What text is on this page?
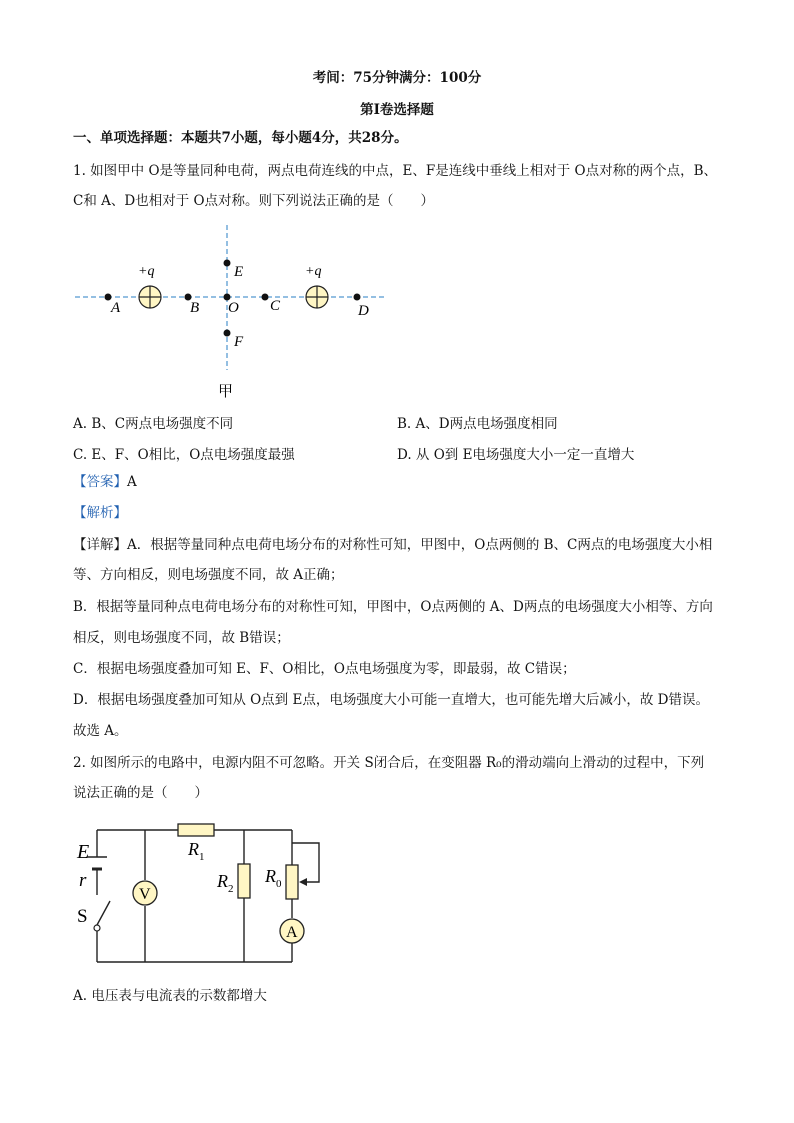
考间：75分钟满分：100分
第Ⅰ卷选择题
一、单项选择题：本题共7小题，每小题4分，共28分。
1. 如图甲中 O是等量同种电荷，两点电荷连线的中点，E、F是连线中垂线上相对于 O点对称的两个点，B、
C和 A、D也相对于 O点对称。则下列说法正确的是（　　）
+q	+q
A	B O C	D
E
F
甲
A. B、C两点电场强度不同	B. A、D两点电场强度相同
C. E、F、O相比，O点电场强度最强	D. 从 O到 E电场强度大小一定一直增大
【答案】A
【解析】
【详解】A．根据等量同种点电荷电场分布的对称性可知，甲图中，O点两侧的 B、C两点的电场强度大小相
等、方向相反，则电场强度不同，故 A正确；
B．根据等量同种点电荷电场分布的对称性可知，甲图中，O点两侧的 A、D两点的电场强度大小相等、方向
相反，则电场强度不同，故 B错误；
C．根据电场强度叠加可知 E、F、O相比，O点电场强度为零，即最弱，故 C错误；
D．根据电场强度叠加可知从 O点到 E点，电场强度大小可能一直增大，也可能先增大后减小，故 D错误。
故选 A。
2. 如图所示的电路中，电源内阻不可忽略。开关 S闭合后，在变阻器 R₀的滑动端向上滑动的过程中，下列
说法正确的是（　　）
V
A
E
r
S
$R_1$
$R_2$
$R_0$
A. 电压表与电流表的示数都增大
